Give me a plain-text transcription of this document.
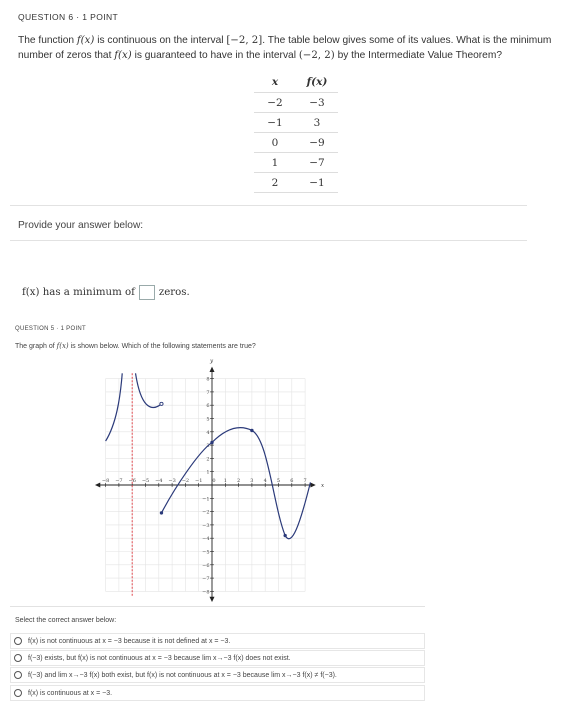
QUESTION 6 · 1 POINT
The function f(x) is continuous on the interval [−2, 2]. The table below gives some of its values. What is the minimum number of zeros that f(x) is guaranteed to have in the interval (−2, 2) by the Intermediate Value Theorem?
x	f(x)
−2	−3
−1	3
0	−9
1	−7
2	−1
Provide your answer below:
f(x) has a minimum of zeros.
QUESTION 5 · 1 POINT
The graph of f(x) is shown below. Which of the following statements are true?
x
y
−8 −7 −6 −5 −4 −3 −2 −1 0 1 2 3 4 5 6 7
8
7
6
5
4
3
2
1
−1
−2
−3
−4
−5
−6
−7
−8
Select the correct answer below:
f(x) is not continuous at x = −3 because it is not defined at x = −3.
f(−3) exists, but f(x) is not continuous at x = −3 because lim x→−3 f(x) does not exist.
f(−3) and lim x→−3 f(x) both exist, but f(x) is not continuous at x = −3 because lim x→−3 f(x) ≠ f(−3).
f(x) is continuous at x = −3.
